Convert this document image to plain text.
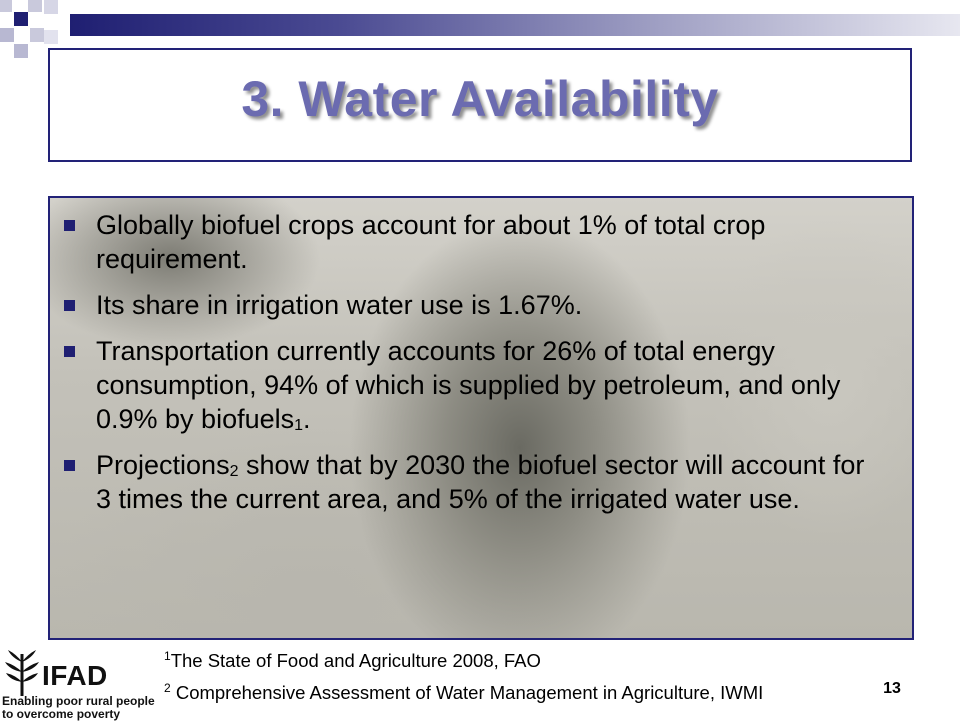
3. Water Availability
Globally biofuel crops account for about 1% of total crop requirement.
Its share in irrigation water use is 1.67%.
Transportation currently accounts for 26% of total energy consumption, 94% of which is supplied by petroleum, and only 0.9% by biofuels$_1$.
Projections$_2$ show that by 2030 the biofuel sector will account for 3 times the current area, and 5% of the irrigated water use.
IFAD
Enabling poor rural people
to overcome poverty
$^1$The State of Food and Agriculture 2008, FAO
$^2$ Comprehensive Assessment of Water Management in Agriculture, IWMI	13
